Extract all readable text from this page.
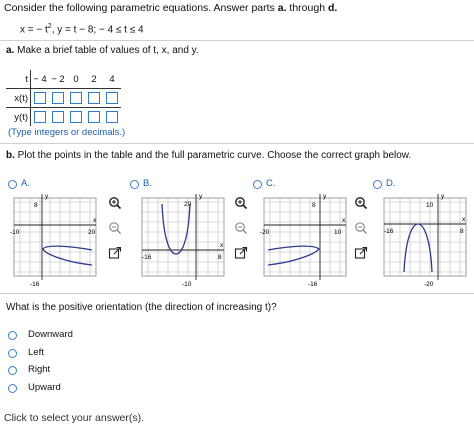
Consider the following parametric equations. Answer parts a. through d.
x = − $t^2$, y = t − 8; − 4 ≤ t ≤ 4
a. Make a brief table of values of t, x, and y.
t	− 4	− 2	0	2	4
x(t)					
y(t)					
(Type integers or decimals.)
b. Plot the points in the table and the full parametric curve. Choose the correct graph below.
A.
y
x
8
-16
-10	20
B.
y
x
20
-10
-16	8
C.
y
x
8
-16
-20	10
D.
y
x
10
-20
-16	8
What is the positive orientation (the direction of increasing t)?
Downward
Left
Right
Upward
Click to select your answer(s).
